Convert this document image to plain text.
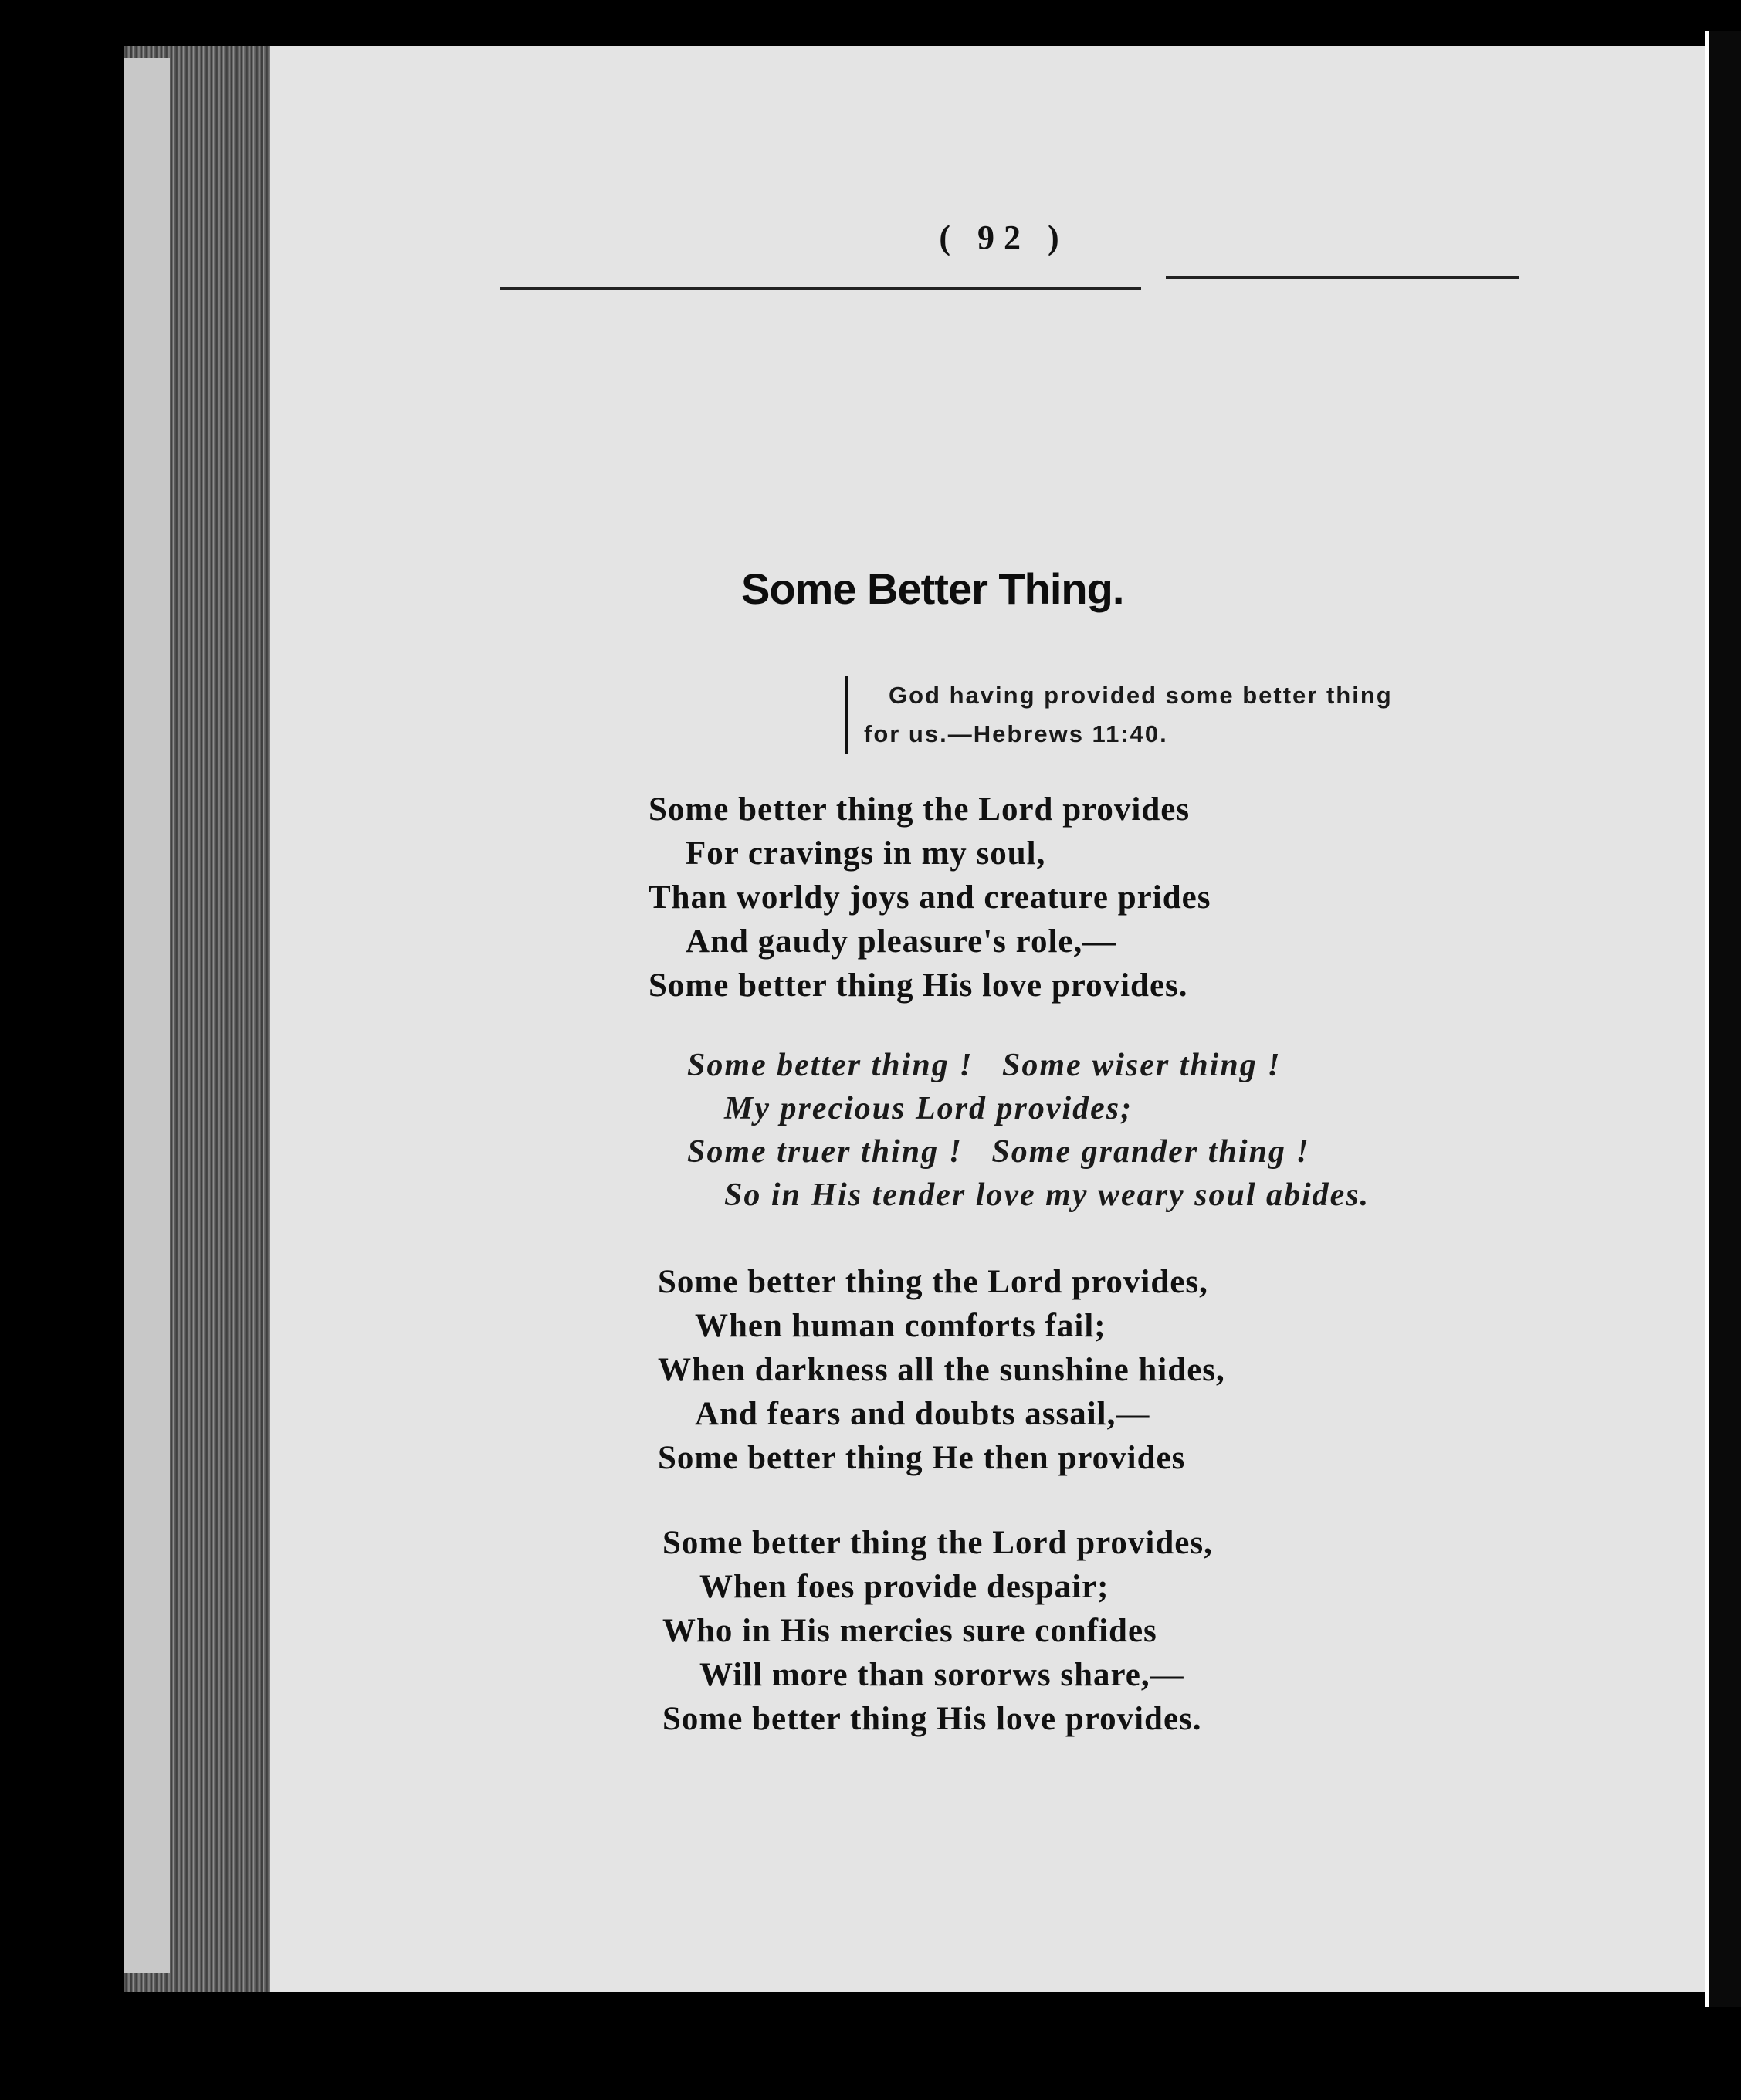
( 92 )
Some Better Thing.
God having provided some better thing
for us.—Hebrews 11:40.
Some better thing the Lord provides
For cravings in my soul,
Than worldy joys and creature prides
And gaudy pleasure's role,—
Some better thing His love provides.
Some better thing !   Some wiser thing !
My precious Lord provides;
Some truer thing !   Some grander thing !
So in His tender love my weary soul abides.
Some better thing the Lord provides,
When human comforts fail;
When darkness all the sunshine hides,
And fears and doubts assail,—
Some better thing He then provides
Some better thing the Lord provides,
When foes provide despair;
Who in His mercies sure confides
Will more than sororws share,—
Some better thing His love provides.
